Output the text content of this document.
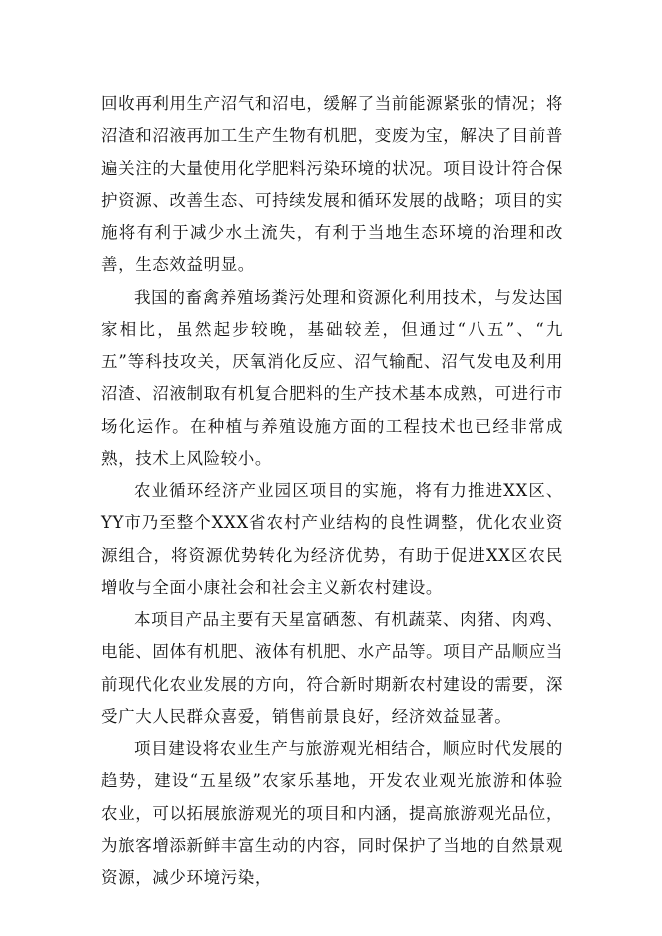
回收再利用生产沼气和沼电，缓解了当前能源紧张的情况；将沼渣和沼液再加工生产生物有机肥，变废为宝，解决了目前普遍关注的大量使用化学肥料污染环境的状况。项目设计符合保护资源、改善生态、可持续发展和循环发展的战略；项目的实施将有利于减少水土流失，有利于当地生态环境的治理和改善，生态效益明显。

我国的畜禽养殖场粪污处理和资源化利用技术，与发达国家相比，虽然起步较晚，基础较差，但通过“八五”、“九五”等科技攻关，厌氧消化反应、沼气输配、沼气发电及利用沼渣、沼液制取有机复合肥料的生产技术基本成熟，可进行市场化运作。在种植与养殖设施方面的工程技术也已经非常成熟，技术上风险较小。

农业循环经济产业园区项目的实施，将有力推进XX区、YY市乃至整个XXX省农村产业结构的良性调整，优化农业资源组合，将资源优势转化为经济优势，有助于促进XX区农民增收与全面小康社会和社会主义新农村建设。

本项目产品主要有天星富硒葱、有机蔬菜、肉猪、肉鸡、电能、固体有机肥、液体有机肥、水产品等。项目产品顺应当前现代化农业发展的方向，符合新时期新农村建设的需要，深受广大人民群众喜爱，销售前景良好，经济效益显著。

项目建设将农业生产与旅游观光相结合，顺应时代发展的趋势，建设“五星级”农家乐基地，开发农业观光旅游和体验农业，可以拓展旅游观光的项目和内涵，提高旅游观光品位，为旅客增添新鲜丰富生动的内容，同时保护了当地的自然景观资源，减少环境污染，
